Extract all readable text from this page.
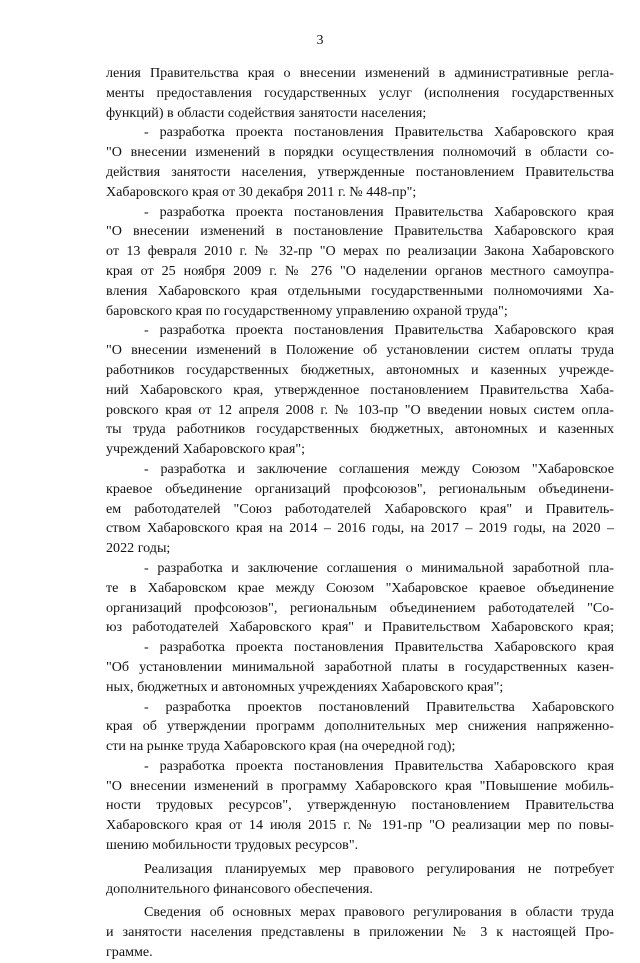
3
ления Правительства края о внесении изменений в административные регла-
менты предоставления государственных услуг (исполнения государственных
функций) в области содействия занятости населения;
- разработка проекта постановления Правительства Хабаровского края
"О внесении изменений в порядки осуществления полномочий в области со-
действия занятости населения, утвержденные постановлением Правительства
Хабаровского края от 30 декабря 2011 г. № 448-пр";
- разработка проекта постановления Правительства Хабаровского края
"О внесении изменений в постановление Правительства Хабаровского края
от 13 февраля 2010 г. № 32-пр "О мерах по реализации Закона Хабаровского
края от 25 ноября 2009 г. № 276 "О наделении органов местного самоупра-
вления Хабаровского края отдельными государственными полномочиями Ха-
баровского края по государственному управлению охраной труда";
- разработка проекта постановления Правительства Хабаровского края
"О внесении изменений в Положение об установлении систем оплаты труда
работников государственных бюджетных, автономных и казенных учрежде-
ний Хабаровского края, утвержденное постановлением Правительства Хаба-
ровского края от 12 апреля 2008 г. № 103-пр "О введении новых систем опла-
ты труда работников государственных бюджетных, автономных и казенных
учреждений Хабаровского края";
- разработка и заключение соглашения между Союзом "Хабаровское
краевое объединение организаций профсоюзов", региональным объединени-
ем работодателей "Союз работодателей Хабаровского края" и Правитель-
ством Хабаровского края на 2014 – 2016 годы, на 2017 – 2019 годы, на 2020 –
2022 годы;
- разработка и заключение соглашения о минимальной заработной пла-
те в Хабаровском крае между Союзом "Хабаровское краевое объединение
организаций профсоюзов", региональным объединением работодателей "Со-
юз работодателей Хабаровского края" и Правительством Хабаровского края;
- разработка проекта постановления Правительства Хабаровского края
"Об установлении минимальной заработной платы в государственных казен-
ных, бюджетных и автономных учреждениях Хабаровского края";
- разработка проектов постановлений Правительства Хабаровского
края об утверждении программ дополнительных мер снижения напряженно-
сти на рынке труда Хабаровского края (на очередной год);
- разработка проекта постановления Правительства Хабаровского края
"О внесении изменений в программу Хабаровского края "Повышение мобиль-
ности трудовых ресурсов", утвержденную постановлением Правительства
Хабаровского края от 14 июля 2015 г. № 191-пр "О реализации мер по повы-
шению мобильности трудовых ресурсов".
Реализация планируемых мер правового регулирования не потребует
дополнительного финансового обеспечения.
Сведения об основных мерах правового регулирования в области труда
и занятости населения представлены в приложении № 3 к настоящей Про-
грамме.
